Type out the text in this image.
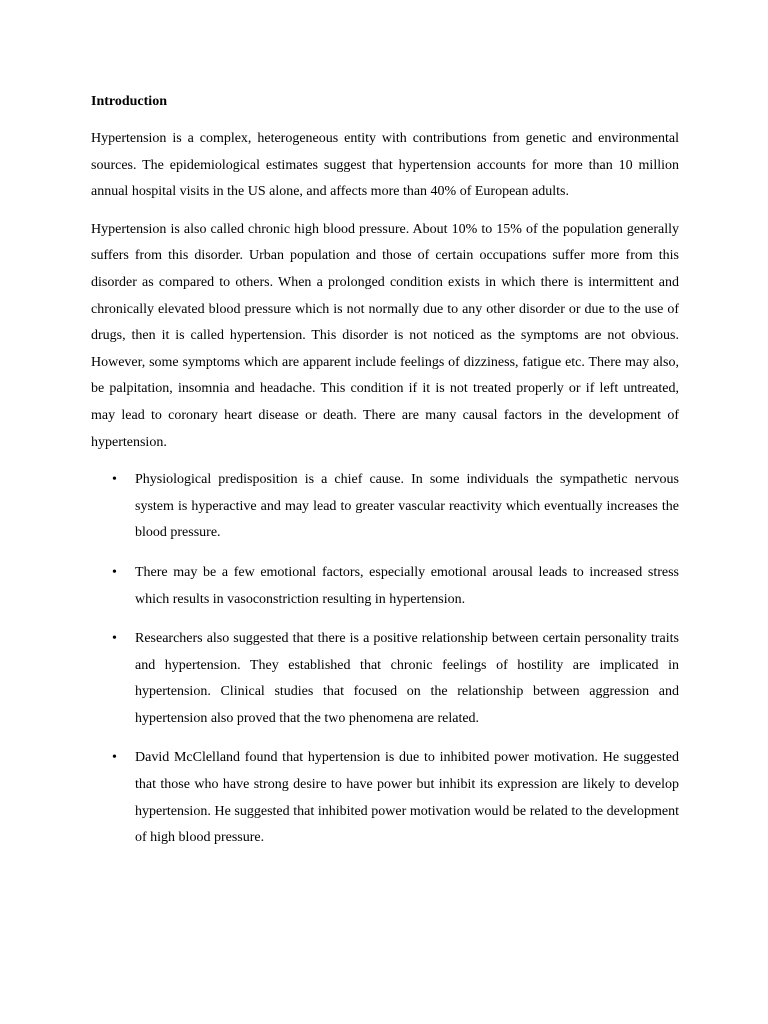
Introduction

Hypertension is a complex, heterogeneous entity with contributions from genetic and environmental sources. The epidemiological estimates suggest that hypertension accounts for more than 10 million annual hospital visits in the US alone, and affects more than 40% of European adults.

Hypertension is also called chronic high blood pressure. About 10% to 15% of the population generally suffers from this disorder. Urban population and those of certain occupations suffer more from this disorder as compared to others. When a prolonged condition exists in which there is intermittent and chronically elevated blood pressure which is not normally due to any other disorder or due to the use of drugs, then it is called hypertension. This disorder is not noticed as the symptoms are not obvious. However, some symptoms which are apparent include feelings of dizziness, fatigue etc. There may also, be palpitation, insomnia and headache. This condition if it is not treated properly or if left untreated, may lead to coronary heart disease or death. There are many causal factors in the development of hypertension.

• Physiological predisposition is a chief cause. In some individuals the sympathetic nervous system is hyperactive and may lead to greater vascular reactivity which eventually increases the blood pressure.
• There may be a few emotional factors, especially emotional arousal leads to increased stress which results in vasoconstriction resulting in hypertension.
• Researchers also suggested that there is a positive relationship between certain personality traits and hypertension. They established that chronic feelings of hostility are implicated in hypertension. Clinical studies that focused on the relationship between aggression and hypertension also proved that the two phenomena are related.
• David McClelland found that hypertension is due to inhibited power motivation. He suggested that those who have strong desire to have power but inhibit its expression are likely to develop hypertension. He suggested that inhibited power motivation would be related to the development of high blood pressure.
